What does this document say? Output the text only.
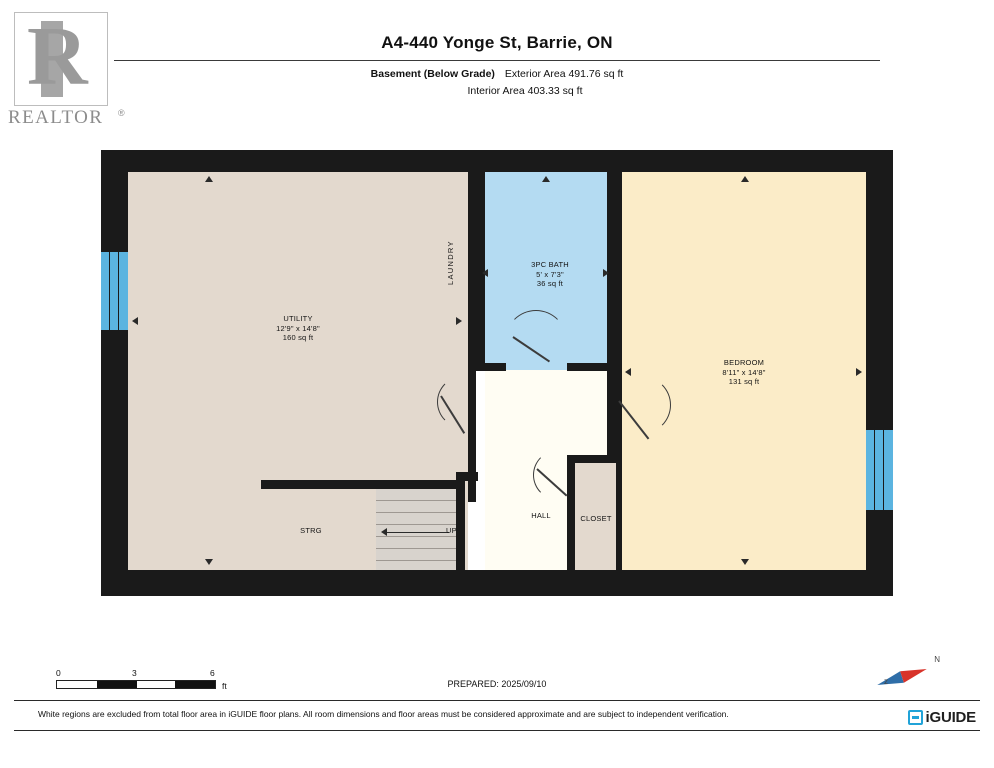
R
REALTOR ®
A4-440 Yonge St, Barrie, ON
Basement (Below Grade) Exterior Area 491.76 sq ft
Interior Area 403.33 sq ft
UP
UTILITY
12'9" x 14'8"
160 sq ft
3PC BATH
5' x 7'3"
36 sq ft
BEDROOM
8'11" x 14'8"
131 sq ft
STRG
HALL	CLOSET
LAUNDRY
0	3	6
ft	PREPARED: 2025/09/10
N
z
White regions are excluded from total floor area in iGUIDE floor plans. All room dimensions and floor areas must be considered approximate and are subject to independent verification.	iGUIDE
